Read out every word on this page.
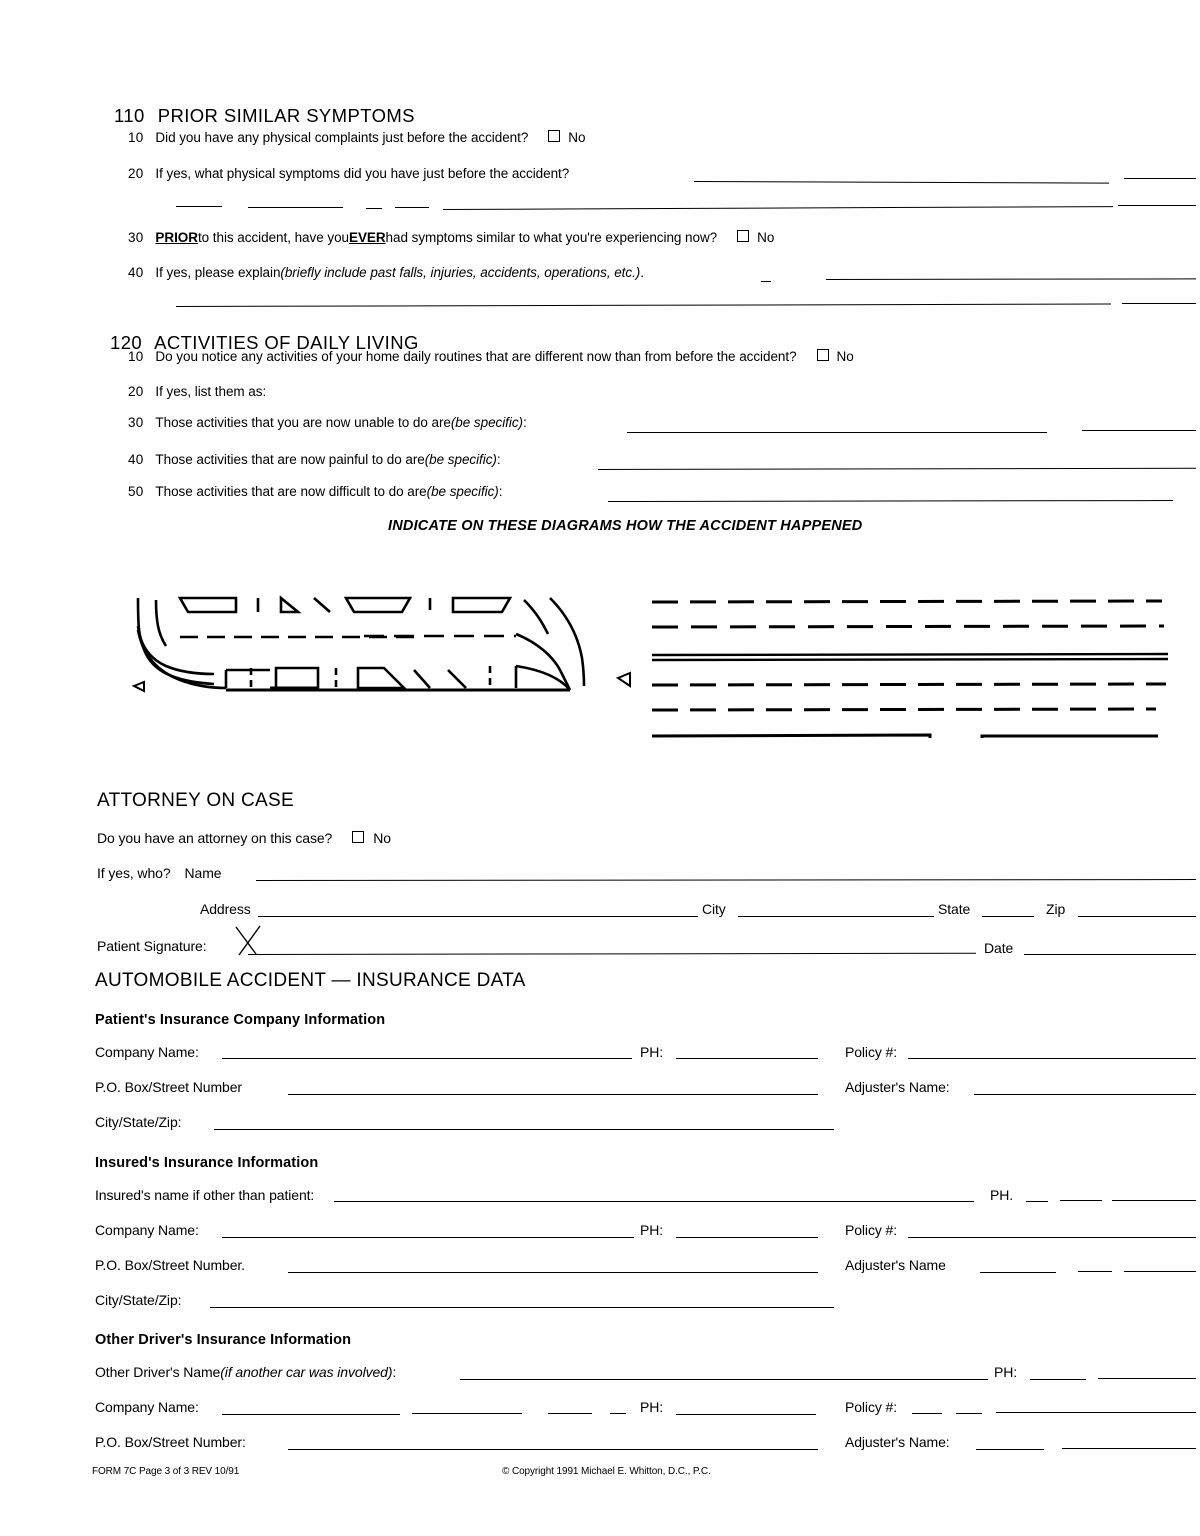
110 PRIOR SIMILAR SYMPTOMS
10 Did you have any physical complaints just before the accident?	No
20 If yes, what physical symptoms did you have just before the accident?
30 PRIOR to this accident, have you EVER had symptoms similar to what you're experiencing now?	No
40 If yes, please explain (briefly include past falls, injuries, accidents, operations, etc.) .
120 ACTIVITIES OF DAILY LIVING
10 Do you notice any activities of your home daily routines that are different now than from before the accident?	No
20 If yes, list them as:
30 Those activities that you are now unable to do are (be specific) :
40 Those activities that are now painful to do are (be specific) :
50 Those activities that are now difficult to do are (be specific) :
INDICATE ON THESE DIAGRAMS HOW THE ACCIDENT HAPPENED
ATTORNEY ON CASE
Do you have an attorney on this case?	No
If yes, who? Name
Address	City	State	Zip
Patient Signature:	Date
AUTOMOBILE ACCIDENT — INSURANCE DATA
Patient's Insurance Company Information
Company Name:	PH:	Policy #:
P.O. Box/Street Number	Adjuster's Name:
City/State/Zip:
Insured's Insurance Information
Insured's name if other than patient:	PH.
Company Name:	PH:	Policy #:
P.O. Box/Street Number.	Adjuster's Name
City/State/Zip:
Other Driver's Insurance Information
Other Driver's Name (if another car was involved) :	PH:
Company Name:	PH:	Policy #:
P.O. Box/Street Number:	Adjuster's Name:
FORM 7C Page 3 of 3 REV 10/91	© Copyright 1991 Michael E. Whitton, D.C., P.C.
